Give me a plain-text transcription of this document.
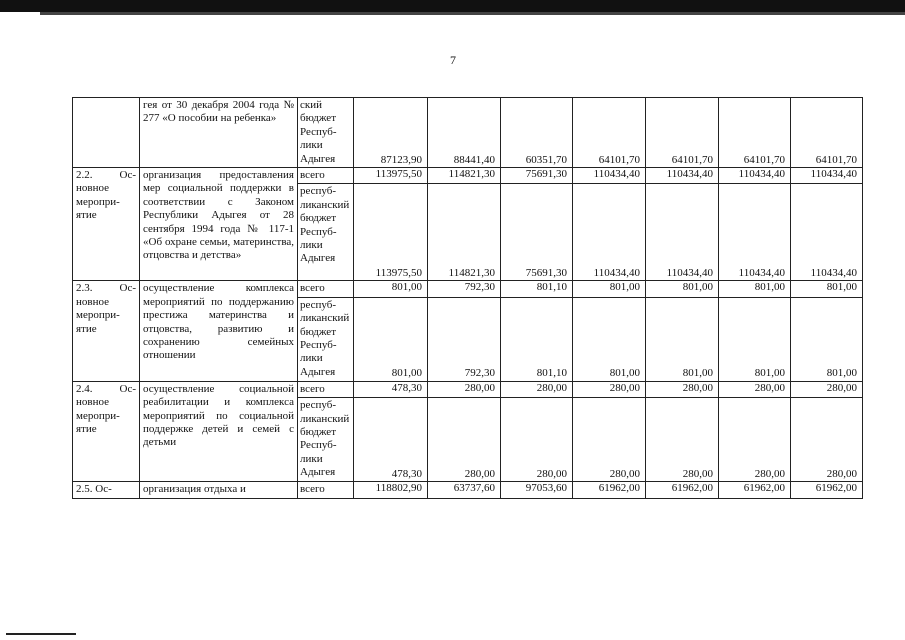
7
	гея от 30 декабря 2004 года № 277 «О пособии на ребенка»	ский бюджет Республики Адыгея	87123,90	88441,40	60351,70	64101,70	64101,70	64101,70	64101,70
2.2. Основное мероприятие	организация предоставления мер социальной поддержки в соответствии с Законом Республики Адыгея от 28 сентября 1994 года № 117-1 «Об охране семьи, материнства, отцовства и детства»	всего	113975,50	114821,30	75691,30	110434,40	110434,40	110434,40	110434,40
		республиканский бюджет Республики Адыгея	113975,50	114821,30	75691,30	110434,40	110434,40	110434,40	110434,40
2.3. Основное мероприятие	осуществление комплекса мероприятий по поддержанию престижа материнства и отцовства, развитию и сохранению семейных отношении	всего	801,00	792,30	801,10	801,00	801,00	801,00	801,00
		республиканский бюджет Республики Адыгея	801,00	792,30	801,10	801,00	801,00	801,00	801,00
2.4. Основное мероприятие	осуществление социальной реабилитации и комплекса мероприятий по социальной поддержке детей и семей с детьми	всего	478,30	280,00	280,00	280,00	280,00	280,00	280,00
		республиканский бюджет Республики Адыгея	478,30	280,00	280,00	280,00	280,00	280,00	280,00
2.5. Ос-	организация отдыха и	всего	118802,90	63737,60	97053,60	61962,00	61962,00	61962,00	61962,00
